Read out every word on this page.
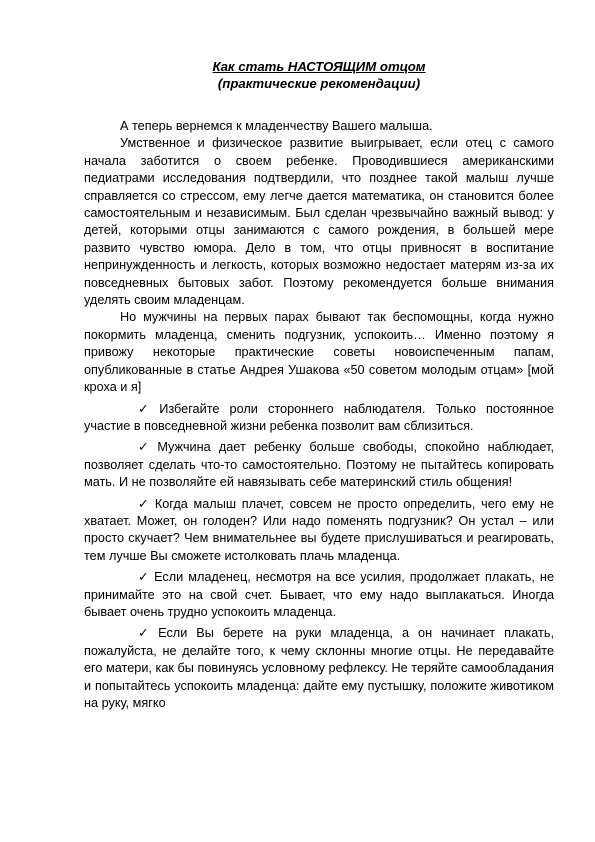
Как стать НАСТОЯЩИМ отцом
(практические рекомендации)

А теперь вернемся к младенчеству Вашего малыша.

Умственное и физическое развитие выигрывает, если отец с самого начала заботится о своем ребенке. Проводившиеся американскими педиатрами исследования подтвердили, что позднее такой малыш лучше справляется со стрессом, ему легче дается математика, он становится более самостоятельным и независимым. Был сделан чрезвычайно важный вывод: у детей, которыми отцы занимаются с самого рождения, в большей мере развито чувство юмора. Дело в том, что отцы привносят в воспитание непринужденность и легкость, которых возможно недостает матерям из-за их повседневных бытовых забот. Поэтому рекомендуется больше внимания уделять своим младенцам.

Но мужчины на первых парах бывают так беспомощны, когда нужно покормить младенца, сменить подгузник, успокоить… Именно поэтому я привожу некоторые практические советы новоиспеченным папам, опубликованные в статье Андрея Ушакова «50 советом молодым отцам» [мой кроха и я]

✓ Избегайте роли стороннего наблюдателя. Только постоянное участие в повседневной жизни ребенка позволит вам сблизиться.

✓ Мужчина дает ребенку больше свободы, спокойно наблюдает, позволяет сделать что-то самостоятельно. Поэтому не пытайтесь копировать мать. И не позволяйте ей навязывать себе материнский стиль общения!

✓ Когда малыш плачет, совсем не просто определить, чего ему не хватает. Может, он голоден? Или надо поменять подгузник? Он устал – или просто скучает? Чем внимательнее вы будете прислушиваться и реагировать, тем лучше Вы сможете истолковать плачь младенца.

✓ Если младенец, несмотря на все усилия, продолжает плакать, не принимайте это на свой счет. Бывает, что ему надо выплакаться. Иногда бывает очень трудно успокоить младенца.

✓ Если Вы берете на руки младенца, а он начинает плакать, пожалуйста, не делайте того, к чему склонны многие отцы. Не передавайте его матери, как бы повинуясь условному рефлексу. Не теряйте самообладания и попытайтесь успокоить младенца: дайте ему пустышку, положите животиком на руку, мягко
